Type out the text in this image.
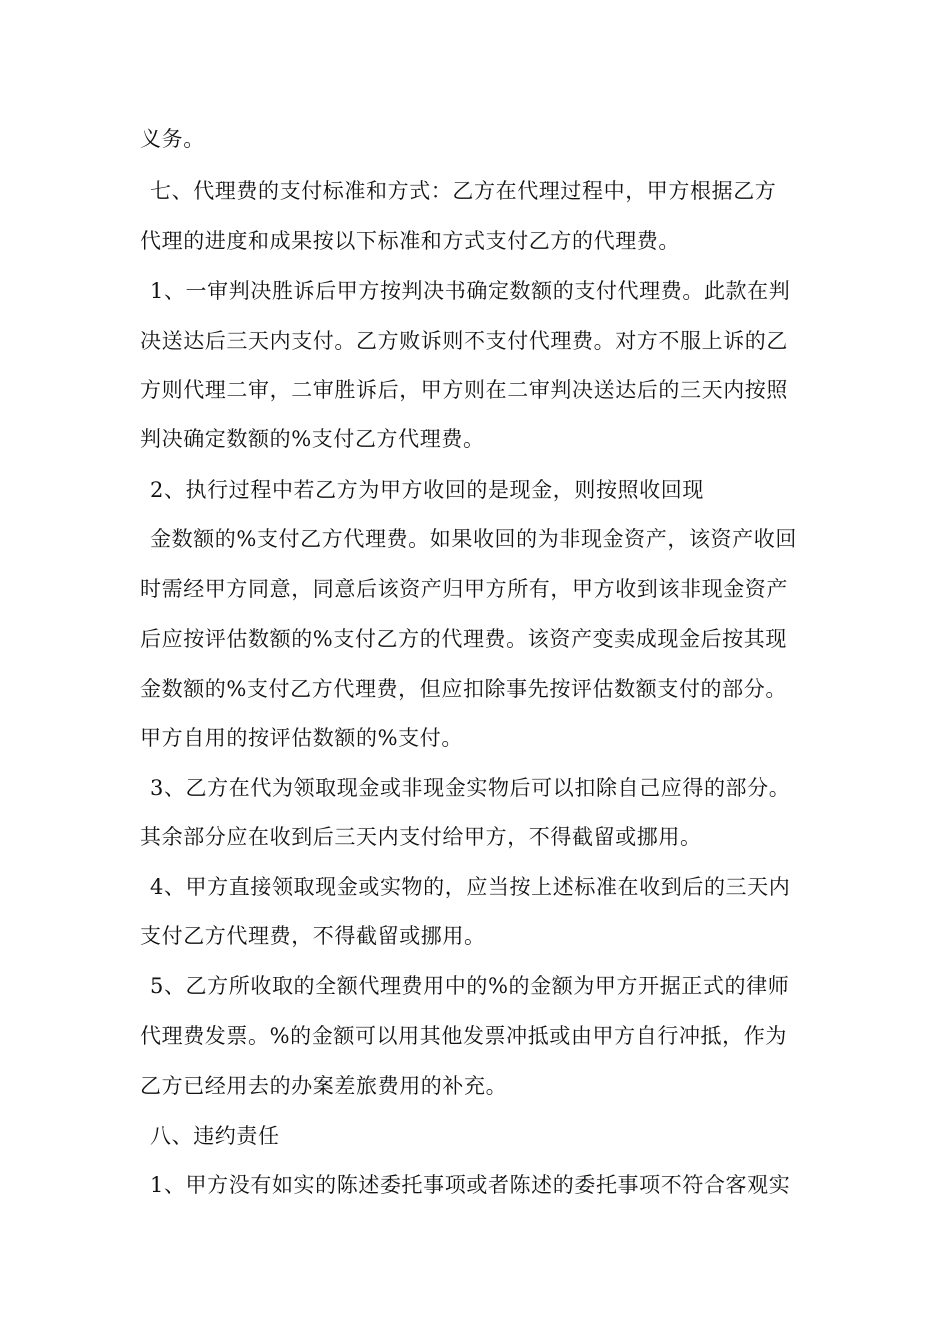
义务。
七、代理费的支付标准和方式：乙方在代理过程中，甲方根据乙方
代理的进度和成果按以下标准和方式支付乙方的代理费。
1、一审判决胜诉后甲方按判决书确定数额的支付代理费。此款在判
决送达后三天内支付。乙方败诉则不支付代理费。对方不服上诉的乙
方则代理二审，二审胜诉后，甲方则在二审判决送达后的三天内按照
判决确定数额的%支付乙方代理费。
2、执行过程中若乙方为甲方收回的是现金，则按照收回现
金数额的%支付乙方代理费。如果收回的为非现金资产，该资产收回
时需经甲方同意，同意后该资产归甲方所有，甲方收到该非现金资产
后应按评估数额的%支付乙方的代理费。该资产变卖成现金后按其现
金数额的%支付乙方代理费，但应扣除事先按评估数额支付的部分。
甲方自用的按评估数额的%支付。
3、乙方在代为领取现金或非现金实物后可以扣除自己应得的部分。
其余部分应在收到后三天内支付给甲方，不得截留或挪用。
4、甲方直接领取现金或实物的，应当按上述标准在收到后的三天内
支付乙方代理费，不得截留或挪用。
5、乙方所收取的全额代理费用中的%的金额为甲方开据正式的律师
代理费发票。%的金额可以用其他发票冲抵或由甲方自行冲抵，作为
乙方已经用去的办案差旅费用的补充。
八、违约责任
1、甲方没有如实的陈述委托事项或者陈述的委托事项不符合客观实
